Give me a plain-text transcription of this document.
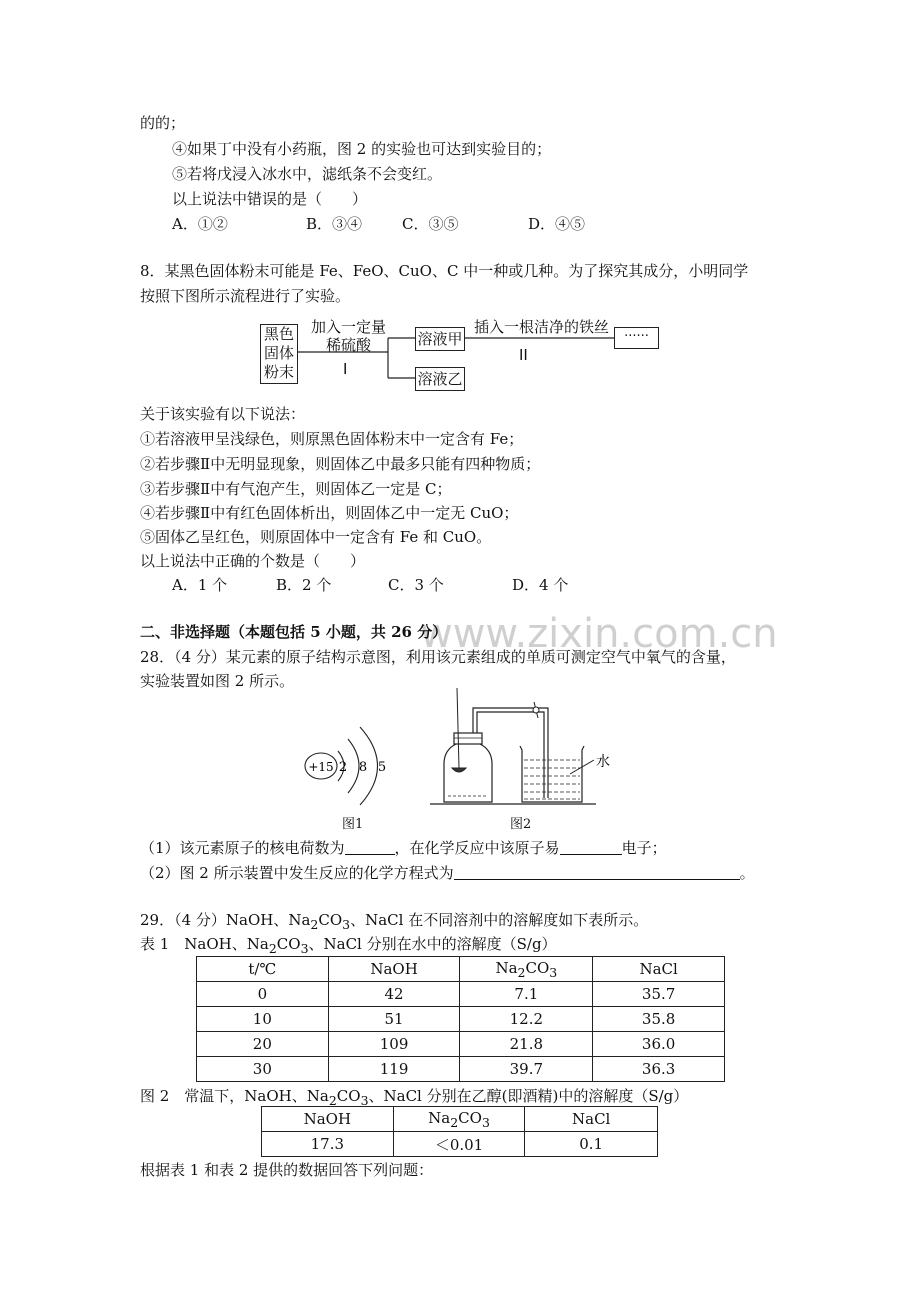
的的；
④如果丁中没有小药瓶，图 2 的实验也可达到实验目的；
⑤若将戊浸入冰水中，滤纸条不会变红。
以上说法中错误的是（　　）
A．①②	B．③④	C．③⑤	D．④⑤
8．某黑色固体粉末可能是 Fe、FeO、CuO、C 中一种或几种。为了探究其成分，小明同学
按照下图所示流程进行了实验。
黑色
固体
粉末
加入一定量
稀硫酸
I
溶液甲
溶液乙
插入一根洁净的铁丝
II
······
关于该实验有以下说法：
①若溶液甲呈浅绿色，则原黑色固体粉末中一定含有 Fe；
②若步骤Ⅱ中无明显现象，则固体乙中最多只能有四种物质；
③若步骤Ⅱ中有气泡产生，则固体乙一定是 C；
④若步骤Ⅱ中有红色固体析出，则固体乙中一定无 CuO；
⑤固体乙呈红色，则原固体中一定含有 Fe 和 CuO。
以上说法中正确的个数是（　　）
A．1 个	B．2 个	C．3 个	D．4 个
www.zixin.com.cn
二、非选择题（本题包括 5 小题，共 26 分）
28．（4 分）某元素的原子结构示意图，利用该元素组成的单质可测定空气中氧气的含量，
实验装置如图 2 所示。
+15 2 8 5	水
图1	图2
（1）该元素原子的核电荷数为	，在化学反应中该原子易	电子；
（2）图 2 所示装置中发生反应的化学方程式为	。
29．（4 分）NaOH、$Na_2CO_3$、NaCl 在不同溶剂中的溶解度如下表所示。
表 1　NaOH、$Na_2CO_3$、NaCl 分别在水中的溶解度（S/g）
t/℃	NaOH	$Na_2CO_3$	NaCl
0	42	7.1	35.7
10	51	12.2	35.8
20	109	21.8	36.0
30	119	39.7	36.3
图 2　常温下，NaOH、$Na_2CO_3$、NaCl 分别在乙醇(即酒精)中的溶解度（S/g）
NaOH	$Na_2CO_3$	NaCl
17.3	＜0.01	0.1
根据表 1 和表 2 提供的数据回答下列问题：
